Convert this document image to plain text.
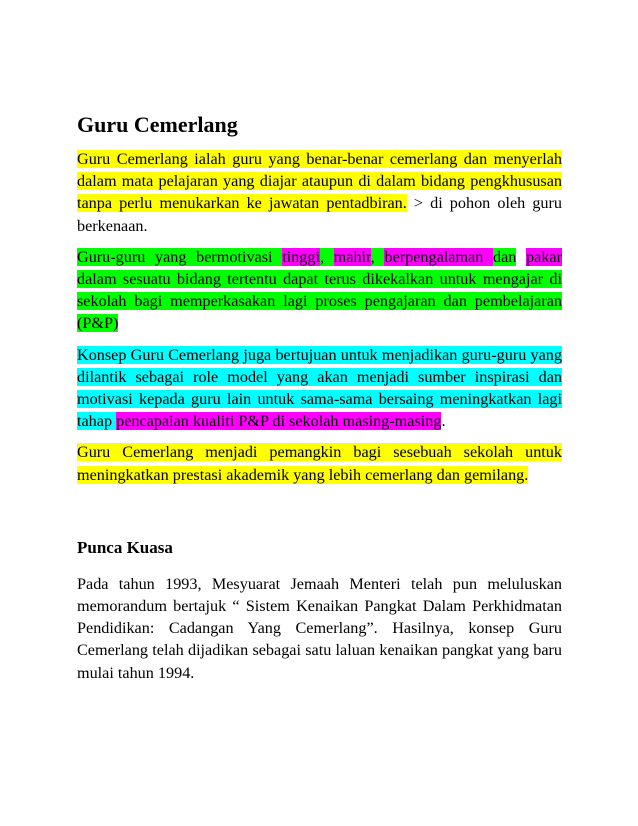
Guru Cemerlang

Guru Cemerlang ialah guru yang benar-benar cemerlang dan menyerlah dalam mata pelajaran yang diajar ataupun di dalam bidang pengkhususan tanpa perlu menukarkan ke jawatan pentadbiran. > di pohon oleh guru berkenaan.

Guru-guru yang bermotivasi tinggi, mahir, berpengalaman dan pakar dalam sesuatu bidang tertentu dapat terus dikekalkan untuk mengajar di sekolah bagi memperkasakan lagi proses pengajaran dan pembelajaran (P&P)

Konsep Guru Cemerlang juga bertujuan untuk menjadikan guru-guru yang dilantik sebagai role model yang akan menjadi sumber inspirasi dan motivasi kepada guru lain untuk sama-sama bersaing meningkatkan lagi tahap pencapaian kualiti P&P di sekolah masing-masing.

Guru Cemerlang menjadi pemangkin bagi sesebuah sekolah untuk meningkatkan prestasi akademik yang lebih cemerlang dan gemilang.

Punca Kuasa

Pada tahun 1993, Mesyuarat Jemaah Menteri telah pun meluluskan memorandum bertajuk “ Sistem Kenaikan Pangkat Dalam Perkhidmatan Pendidikan: Cadangan Yang Cemerlang”. Hasilnya, konsep Guru Cemerlang telah dijadikan sebagai satu laluan kenaikan pangkat yang baru mulai tahun 1994.
